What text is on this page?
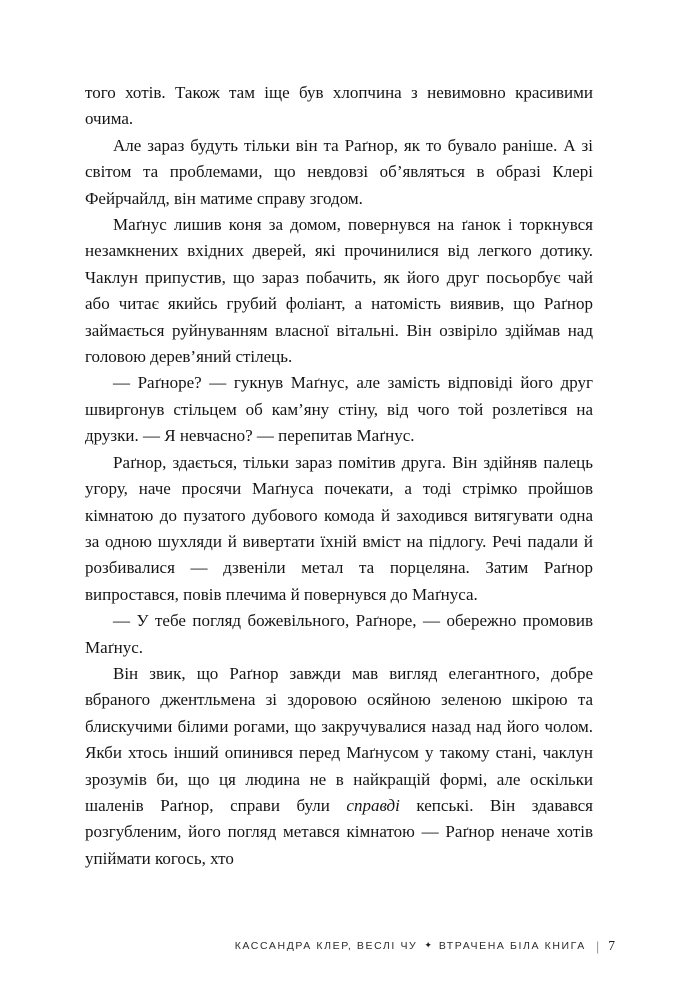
того хотів. Також там іще був хлопчина з невимовно красивими очима.

Але зараз будуть тільки він та Раґнор, як то бувало раніше. А зі світом та проблемами, що невдовзі об’являться в образі Клері Фейрчайлд, він матиме справу згодом.

Маґнус лишив коня за домом, повернувся на ґанок і торкнувся незамкнених вхідних дверей, які прочинилися від легкого дотику. Чаклун припустив, що зараз побачить, як його друг посьорбує чай або читає якийсь грубий фоліант, а натомість виявив, що Раґнор займається руйнуванням власної вітальні. Він озвіріло здіймав над головою дерев’яний стілець.

— Раґноре? — гукнув Маґнус, але замість відповіді його друг швиргонув стільцем об кам’яну стіну, від чого той розлетівся на друзки. — Я невчасно? — перепитав Маґнус.

Раґнор, здається, тільки зараз помітив друга. Він здійняв палець угору, наче просячи Маґнуса почекати, а тоді стрімко пройшов кімнатою до пузатого дубового комода й заходився витягувати одна за одною шухляди й вивертати їхній вміст на підлогу. Речі падали й розбивалися — дзвеніли метал та порцеляна. Затим Раґнор випростався, повів плечима й повернувся до Маґнуса.

— У тебе погляд божевільного, Раґноре, — обережно промовив Маґнус.

Він звик, що Раґнор завжди мав вигляд елегантного, добре вбраного джентльмена зі здоровою осяйною зеленою шкірою та блискучими білими рогами, що закручувалися назад над його чолом. Якби хтось інший опинився перед Маґнусом у такому стані, чаклун зрозумів би, що ця людина не в найкращій формі, але оскільки шаленів Раґнор, справи були справді кепські. Він здавався розгубленим, його погляд метався кімнатою — Раґнор неначе хотів упіймати когось, хто

КАССАНДРА КЛЕР, ВЕСЛІ ЧУ ✦ ВТРАЧЕНА БІЛА КНИГА | 7
